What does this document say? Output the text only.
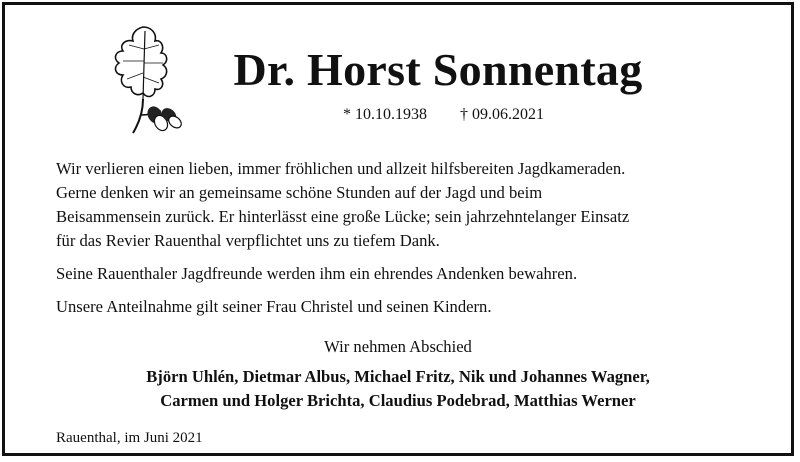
Dr. Horst Sonnentag
* 10.10.1938 † 09.06.2021
Wir verlieren einen lieben, immer fröhlichen und allzeit hilfsbereiten Jagdkameraden.
Gerne denken wir an gemeinsame schöne Stunden auf der Jagd und beim
Beisammensein zurück. Er hinterlässt eine große Lücke; sein jahrzehntelanger Einsatz
für das Revier Rauenthal verpflichtet uns zu tiefem Dank.
Seine Rauenthaler Jagdfreunde werden ihm ein ehrendes Andenken bewahren.
Unsere Anteilnahme gilt seiner Frau Christel und seinen Kindern.
Wir nehmen Abschied
Björn Uhlén, Dietmar Albus, Michael Fritz, Nik und Johannes Wagner,
Carmen und Holger Brichta, Claudius Podebrad, Matthias Werner
Rauenthal, im Juni 2021
